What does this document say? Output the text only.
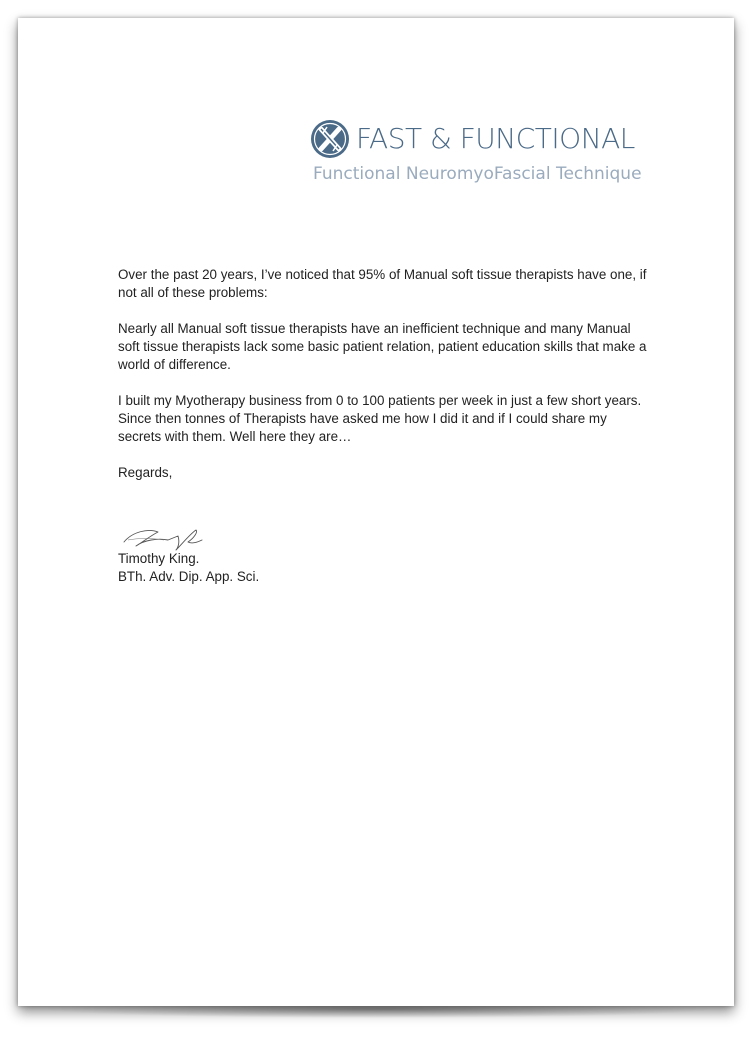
FAST & FUNCTIONAL
Functional NeuromyoFascial Technique

Over the past 20 years, I’ve noticed that 95% of Manual soft tissue therapists have one, if not all of these problems:

Nearly all Manual soft tissue therapists have an inefficient technique and many Manual soft tissue therapists lack some basic patient relation, patient education skills that make a world of difference.

I built my Myotherapy business from 0 to 100 patients per week in just a few short years. Since then tonnes of Therapists have asked me how I did it and if I could share my secrets with them. Well here they are…

Regards,

Timothy King.
BTh. Adv. Dip. App. Sci.
